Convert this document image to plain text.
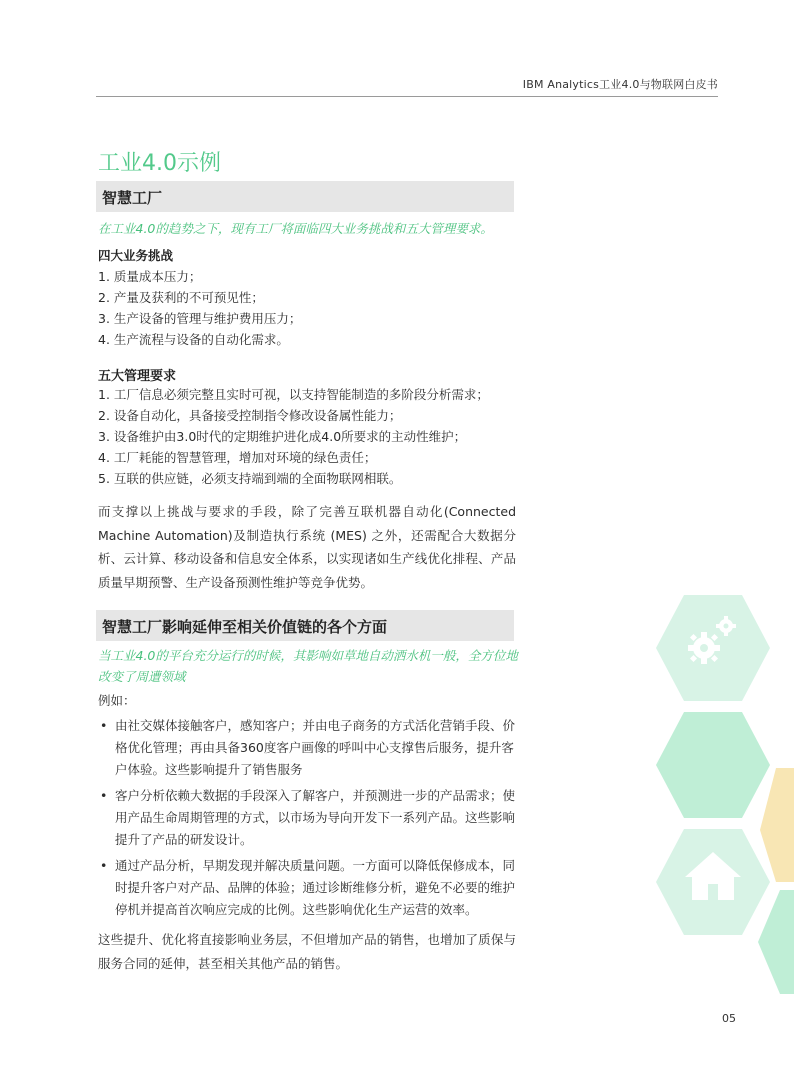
IBM Analytics工业4.0与物联网白皮书
工业4.0示例
智慧工厂
在工业4.0的趋势之下，现有工厂将面临四大业务挑战和五大管理要求。
四大业务挑战
1. 质量成本压力；
2. 产量及获利的不可预见性；
3. 生产设备的管理与维护费用压力；
4. 生产流程与设备的自动化需求。
五大管理要求
1. 工厂信息必须完整且实时可视，以支持智能制造的多阶段分析需求；
2. 设备自动化，具备接受控制指令修改设备属性能力；
3. 设备维护由3.0时代的定期维护进化成4.0所要求的主动性维护；
4. 工厂耗能的智慧管理，增加对环境的绿色责任；
5. 互联的供应链，必须支持端到端的全面物联网相联。
而支撑以上挑战与要求的手段，除了完善互联机器自动化(Connected Machine Automation)及制造执行系统 (MES) 之外，还需配合大数据分析、云计算、移动设备和信息安全体系，以实现诸如生产线优化排程、产品质量早期预警、生产设备预测性维护等竞争优势。
智慧工厂影响延伸至相关价值链的各个方面
当工业4.0的平台充分运行的时候，其影响如草地自动洒水机一般，全方位地改变了周遭领域
例如：
• 由社交媒体接触客户，感知客户；并由电子商务的方式活化营销手段、价格优化管理；再由具备360度客户画像的呼叫中心支撑售后服务，提升客户体验。这些影响提升了销售服务
• 客户分析依赖大数据的手段深入了解客户，并预测进一步的产品需求；使用产品生命周期管理的方式，以市场为导向开发下一系列产品。这些影响提升了产品的研发设计。
• 通过产品分析，早期发现并解决质量问题。一方面可以降低保修成本，同时提升客户对产品、品牌的体验；通过诊断维修分析，避免不必要的维护停机并提高首次响应完成的比例。这些影响优化生产运营的效率。
这些提升、优化将直接影响业务层，不但增加产品的销售，也增加了质保与服务合同的延伸，甚至相关其他产品的销售。
05
